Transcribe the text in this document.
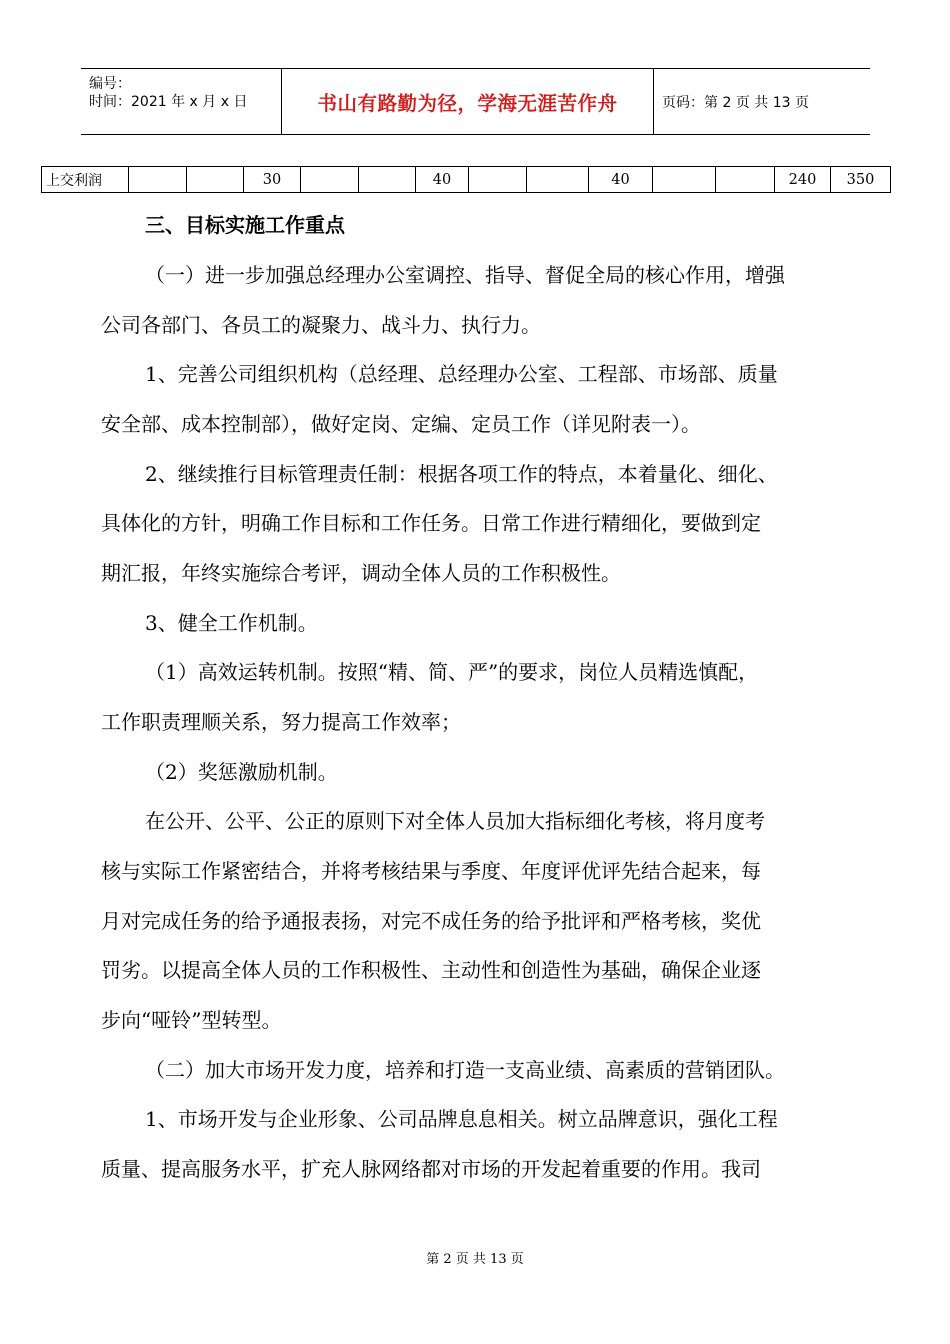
编号：
时间：2021 年 x 月 x 日	书山有路勤为径，学海无涯苦作舟	页码：第 2 页 共 13 页
上交利润			30			40			40			240	350
三、目标实施工作重点
（一）进一步加强总经理办公室调控、指导、督促全局的核心作用，增强
公司各部门、各员工的凝聚力、战斗力、执行力。
1、完善公司组织机构（总经理、总经理办公室、工程部、市场部、质量
安全部、成本控制部），做好定岗、定编、定员工作（详见附表一）。
2、继续推行目标管理责任制：根据各项工作的特点，本着量化、细化、
具体化的方针，明确工作目标和工作任务。日常工作进行精细化，要做到定
期汇报，年终实施综合考评，调动全体人员的工作积极性。
3、健全工作机制。
（1）高效运转机制。按照“精、简、严”的要求，岗位人员精选慎配，
工作职责理顺关系，努力提高工作效率；
（2）奖惩激励机制。
在公开、公平、公正的原则下对全体人员加大指标细化考核，将月度考
核与实际工作紧密结合，并将考核结果与季度、年度评优评先结合起来，每
月对完成任务的给予通报表扬，对完不成任务的给予批评和严格考核，奖优
罚劣。以提高全体人员的工作积极性、主动性和创造性为基础，确保企业逐
步向“哑铃”型转型。
（二）加大市场开发力度，培养和打造一支高业绩、高素质的营销团队。
1、市场开发与企业形象、公司品牌息息相关。树立品牌意识，强化工程
质量、提高服务水平，扩充人脉网络都对市场的开发起着重要的作用。我司
第 2 页 共 13 页
